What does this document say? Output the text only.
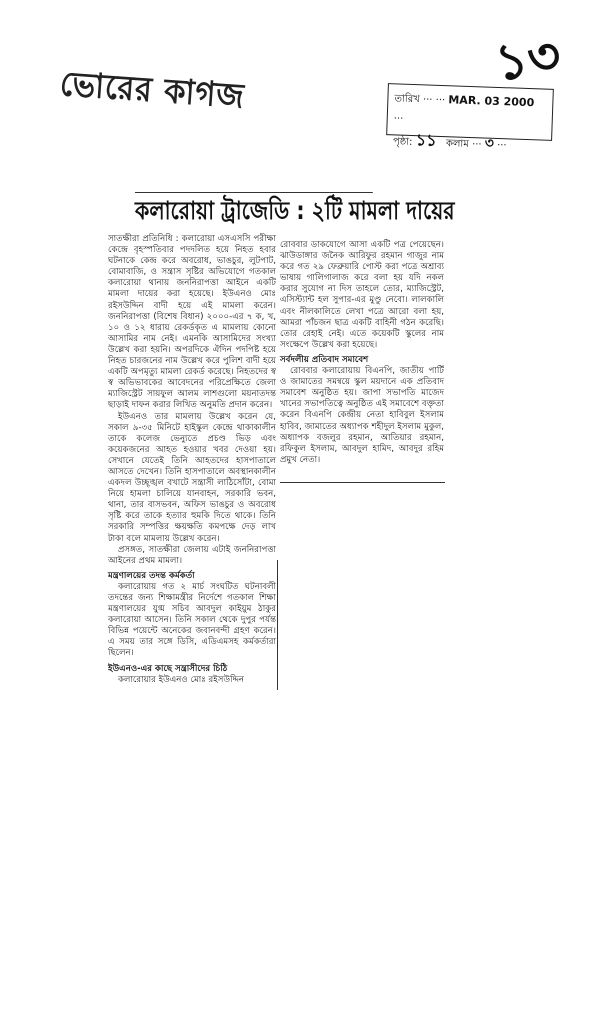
ভোরের কাগজ	১৩
তারিখ ··· ··· MAR. 03 2000 ···
পৃষ্ঠা: ১১ কলাম ··· ৩ ···
কলারোয়া ট্রাজেডি : ২টি মামলা দায়ের

সাতক্ষীরা প্রতিনিধি : কলারোয়া এসএসসি পরীক্ষা কেন্দ্রে বৃহস্পতিবার পদদলিত হয়ে নিহত হবার ঘটনাকে কেন্দ্র করে অবরোধ, ভাঙচুর, লুটপাট, বোমাবাজি, ও সন্ত্রাস সৃষ্টির অভিযোগে গতকাল কলারোয়া থানায় জননিরাপত্তা আইনে একটি মামলা দায়ের করা হয়েছে। ইউএনও মোঃ রইসউদ্দিন বাদী হয়ে এই মামলা করেন। জননিরাপত্তা (বিশেষ বিধান) ২০০০-এর ৭ ক, খ, ১০ ও ১২ ধারায় রেকর্ডকৃত এ মামলায় কোনো আসামির নাম নেই। এমনকি আসামিদের সংখ্যা উল্লেখ করা হয়নি। অপরদিকে ঐদিন পদপিষ্ট হয়ে নিহত চারজনের নাম উল্লেখ করে পুলিশ বাদী হয়ে একটি অপমৃত্যু মামলা রেকর্ড করেছে। নিহতদের স্ব স্ব অভিভাবকের আবেদনের পরিপ্রেক্ষিতে জেলা ম্যাজিস্ট্রেট সায়ফুল আলম লাশগুলো ময়নাতদন্ত ছাড়াই দাফন করার লিখিত অনুমতি প্রদান করেন।

ইউএনও তার মামলায় উল্লেখ করেন যে, সকাল ৯-৩৫ মিনিটে হাইস্কুল কেন্দ্রে থাকাকালীন তাকে কলেজ ভেন্যুতে প্রচণ্ড ভিড় এবং কয়েকজনের আহত হওয়ার খবর দেওয়া হয়। সেখানে যেতেই তিনি আহতদের হাসপাতালে আসতে দেখেন। তিনি হাসপাতালে অবস্থানকালীন একদল উচ্ছৃঙ্খল বখাটে সন্ত্রাসী লাঠিসোঁটা, বোমা নিয়ে হামলা চালিয়ে যানবাহন, সরকারি ভবন, থানা, তার বাসভবন, অফিস ভাঙচুর ও অবরোধ সৃষ্টি করে তাকে হত্যার হুমকি দিতে থাকে। তিনি সরকারি সম্পত্তির ক্ষয়ক্ষতি কমপক্ষে দেড় লাখ টাকা বলে মামলায় উল্লেখ করেন।

প্রসঙ্গত, সাতক্ষীরা জেলায় এটাই জননিরাপত্তা আইনের প্রথম মামলা।

মন্ত্রণালয়ের তদন্ত কর্মকর্তা

কলারোয়ায় গত ২ মার্চ সংঘটিত ঘটনাবলী তদন্তের জন্য শিক্ষামন্ত্রীর নির্দেশে গতকাল শিক্ষা মন্ত্রণালয়ের যুগ্ম সচিব আবদুল কাইয়ুম ঠাকুর কলারোয়া আসেন। তিনি সকাল থেকে দুপুর পর্যন্ত বিভিন্ন পয়েন্টে অনেকের জবানবন্দী গ্রহণ করেন। এ সময় তার সঙ্গে ডিসি, এডিএমসহ কর্মকর্তারা ছিলেন।

ইউএনও-এর কাছে সন্ত্রাসীদের চিঠি

কলারোয়ার ইউএনও মোঃ রইসউদ্দিন

রোববার ডাকযোগে আসা একটি পত্র পেয়েছেন। ঝাউডাঙ্গার জনৈক আরিফুর রহমান গাজুর নাম করে গত ২৯ ফেব্রুয়ারি পোস্ট করা পত্রে অশ্রাব্য ভাষায় গালিগালাজ করে বলা হয় যদি নকল করার সুযোগ না দিস তাহলে তোর, ম্যাজিস্ট্রেট, এসিস্ট্যান্ট হল সুপার-এর মুণ্ডু নেবো। লালকালি এবং নীলকালিতে লেখা পত্রে আরো বলা হয়, আমরা পাঁচজন ছাত্র একটি বাহিনী গঠন করেছি। তোর রেহাই নেই। এতে কয়েকটি স্কুলের নাম সংক্ষেপে উল্লেখ করা হয়েছে।

সর্বদলীয় প্রতিবাদ সমাবেশ

রোববার কলারোয়ায় বিএনপি, জাতীয় পার্টি ও জামাতের সমন্বয়ে স্কুল ময়দানে এক প্রতিবাদ সমাবেশ অনুষ্ঠিত হয়। জাপা সভাপতি মাজেদ খানের সভাপতিত্বে অনুষ্ঠিত এই সমাবেশে বক্তৃতা করেন বিএনপি কেন্দ্রীয় নেতা হাবিবুল ইসলাম হাবিব, জামাতের অধ্যাপক শহীদুল ইসলাম মুকুল, অধ্যাপক বজলুর রহমান, আতিয়ার রহমান, রফিকুল ইসলাম, আবদুল হামিদ, আবদুর রহিম প্রমুখ নেতা।
